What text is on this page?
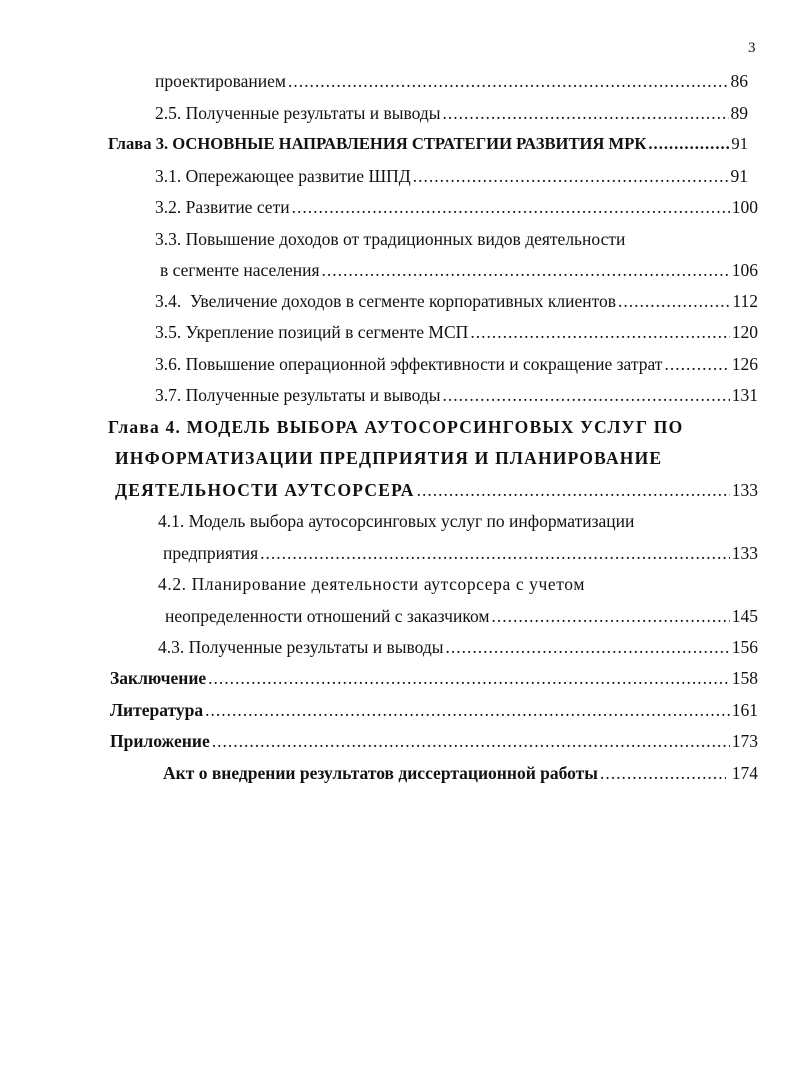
3
проектированием .....	86
2.5. Полученные результаты и выводы .....	89
Глава 3. ОСНОВНЫЕ НАПРАВЛЕНИЯ СТРАТЕГИИ РАЗВИТИЯ МРК .....	91
3.1. Опережающее развитие ШПД .....	91
3.2. Развитие сети .....	100
3.3. Повышение доходов от традиционных видов деятельности
в сегменте населения .....	106
3.4.  Увеличение доходов в сегменте корпоративных клиентов .....	112
3.5. Укрепление позиций в сегменте МСП .....	120
3.6. Повышение операционной эффективности и сокращение затрат .....	126
3.7. Полученные результаты и выводы .....	131
Глава 4. МОДЕЛЬ ВЫБОРА АУТОСОРСИНГОВЫХ УСЛУГ ПО
ИНФОРМАТИЗАЦИИ ПРЕДПРИЯТИЯ И ПЛАНИРОВАНИЕ
ДЕЯТЕЛЬНОСТИ АУТСОРСЕРА .....	133
4.1. Модель выбора аутосорсинговых услуг по информатизации
предприятия .....	133
4.2. Планирование деятельности аутсорсера с учетом
неопределенности отношений с заказчиком .....	145
4.3. Полученные результаты и выводы .....	156
Заключение .....	158
Литература .....	161
Приложение .....	173
Акт о внедрении результатов диссертационной работы .....	174
